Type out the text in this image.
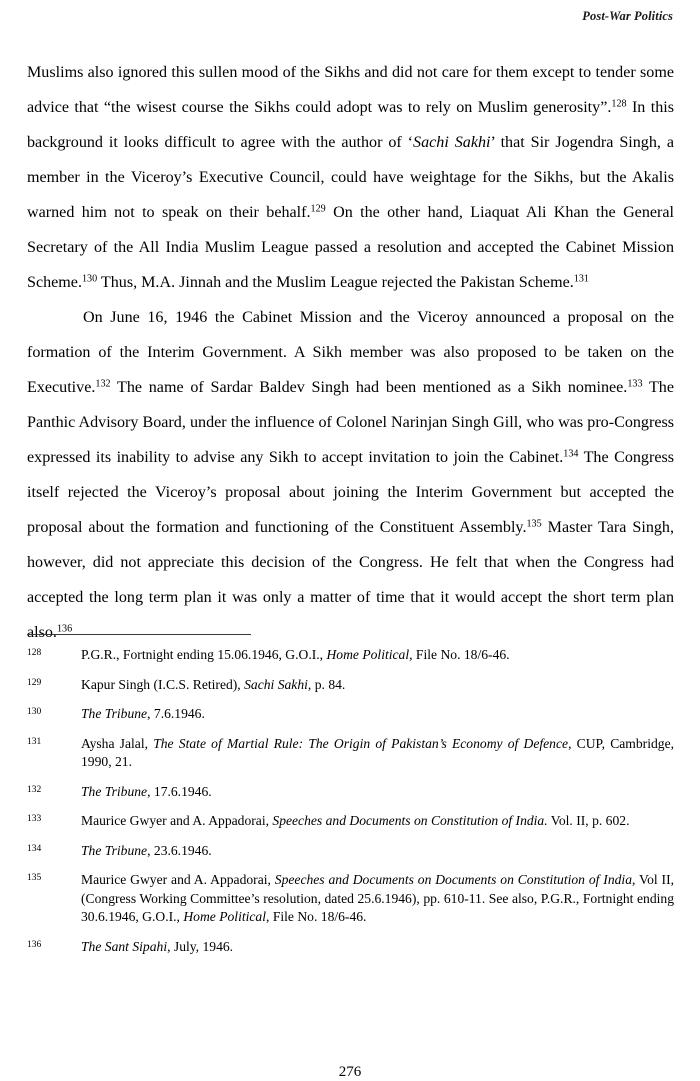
Post-War Politics

Muslims also ignored this sullen mood of the Sikhs and did not care for them except to tender some advice that “the wisest course the Sikhs could adopt was to rely on Muslim generosity”.$^{128}$ In this background it looks difficult to agree with the author of ‘Sachi Sakhi’ that Sir Jogendra Singh, a member in the Viceroy’s Executive Council, could have weightage for the Sikhs, but the Akalis warned him not to speak on their behalf.$^{129}$ On the other hand, Liaquat Ali Khan the General Secretary of the All India Muslim League passed a resolution and accepted the Cabinet Mission Scheme.$^{130}$ Thus, M.A. Jinnah and the Muslim League rejected the Pakistan Scheme.$^{131}$

On June 16, 1946 the Cabinet Mission and the Viceroy announced a proposal on the formation of the Interim Government. A Sikh member was also proposed to be taken on the Executive.$^{132}$ The name of Sardar Baldev Singh had been mentioned as a Sikh nominee.$^{133}$ The Panthic Advisory Board, under the influence of Colonel Narinjan Singh Gill, who was pro-Congress expressed its inability to advise any Sikh to accept invitation to join the Cabinet.$^{134}$ The Congress itself rejected the Viceroy’s proposal about joining the Interim Government but accepted the proposal about the formation and functioning of the Constituent Assembly.$^{135}$ Master Tara Singh, however, did not appreciate this decision of the Congress. He felt that when the Congress had accepted the long term plan it was only a matter of time that it would accept the short term plan also.$^{136}$

128	P.G.R., Fortnight ending 15.06.1946, G.O.I., Home Political, File No. 18/6-46.
129	Kapur Singh (I.C.S. Retired), Sachi Sakhi, p. 84.
130	The Tribune, 7.6.1946.
131	Aysha Jalal, The State of Martial Rule: The Origin of Pakistan’s Economy of Defence, CUP, Cambridge, 1990, 21.
132	The Tribune, 17.6.1946.
133	Maurice Gwyer and A. Appadorai, Speeches and Documents on Constitution of India. Vol. II, p. 602.
134	The Tribune, 23.6.1946.
135	Maurice Gwyer and A. Appadorai, Speeches and Documents on Documents on Constitution of India, Vol II, (Congress Working Committee’s resolution, dated 25.6.1946), pp. 610-11. See also, P.G.R., Fortnight ending 30.6.1946, G.O.I., Home Political, File No. 18/6-46.
136	The Sant Sipahi, July, 1946.
276
